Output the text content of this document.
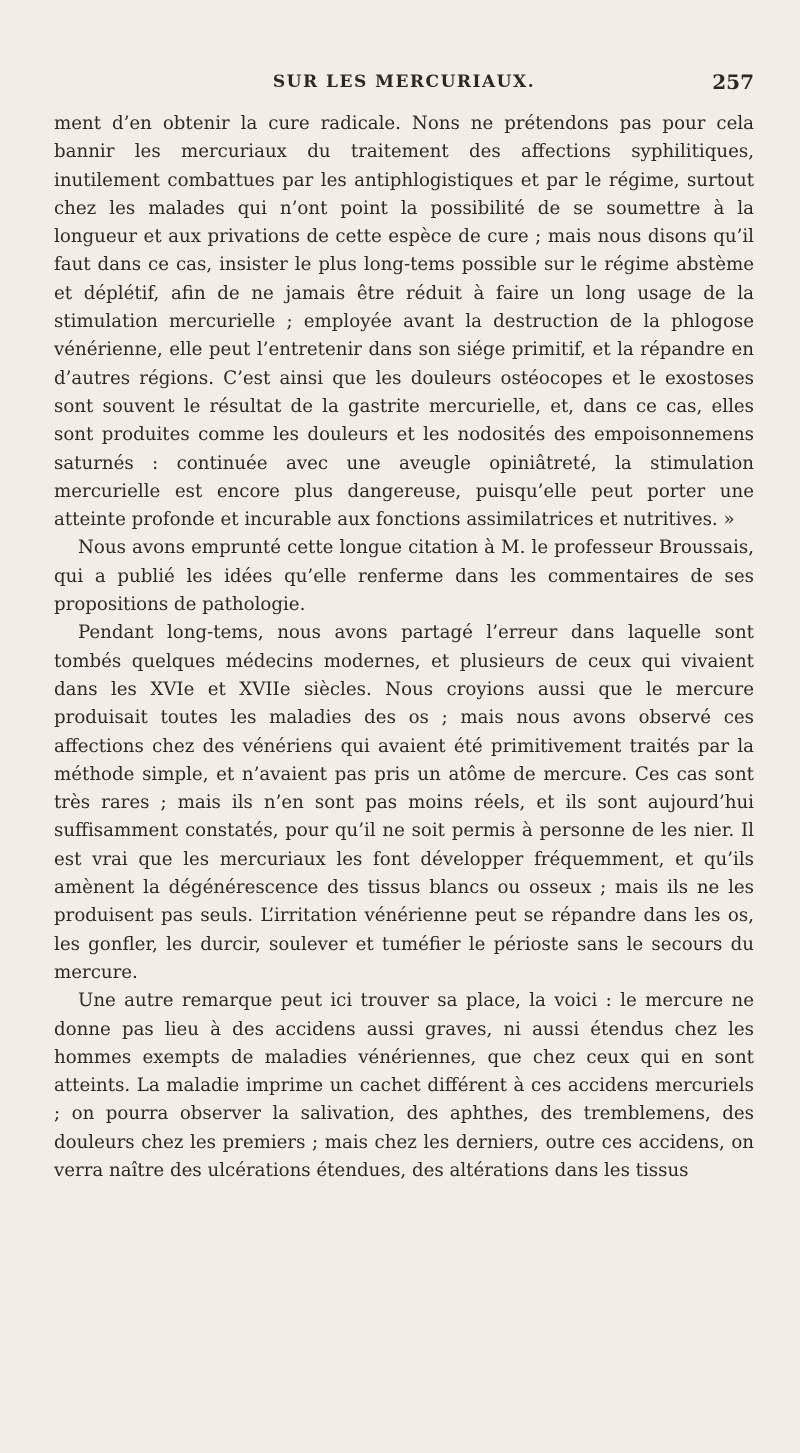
SUR LES MERCURIAUX.	257

ment d’en obtenir la cure radicale. Nons ne prétendons pas pour cela bannir les mercuriaux du traitement des affections syphilitiques, inutilement combattues par les antiphlogistiques et par le régime, surtout chez les malades qui n’ont point la possibilité de se soumettre à la longueur et aux privations de cette espèce de cure ; mais nous disons qu’il faut dans ce cas, insister le plus long-tems possible sur le régime abstème et déplétif, afin de ne jamais être réduit à faire un long usage de la stimulation mercurielle ; employée avant la destruction de la phlogose vénérienne, elle peut l’entretenir dans son siége primitif, et la répandre en d’autres régions. C’est ainsi que les douleurs ostéocopes et le exostoses sont souvent le résultat de la gastrite mercurielle, et, dans ce cas, elles sont produites comme les douleurs et les nodosités des empoisonnemens saturnés : continuée avec une aveugle opiniâtreté, la stimulation mercurielle est encore plus dangereuse, puisqu’elle peut porter une atteinte profonde et incurable aux fonctions assimilatrices et nutritives. »

Nous avons emprunté cette longue citation à M. le professeur Broussais, qui a publié les idées qu’elle renferme dans les commentaires de ses propositions de pathologie.

Pendant long-tems, nous avons partagé l’erreur dans laquelle sont tombés quelques médecins modernes, et plusieurs de ceux qui vivaient dans les XVIe et XVIIe siècles. Nous croyions aussi que le mercure produisait toutes les maladies des os ; mais nous avons observé ces affections chez des vénériens qui avaient été primitivement traités par la méthode simple, et n’avaient pas pris un atôme de mercure. Ces cas sont très rares ; mais ils n’en sont pas moins réels, et ils sont aujourd’hui suffisamment constatés, pour qu’il ne soit permis à personne de les nier. Il est vrai que les mercuriaux les font développer fréquemment, et qu’ils amènent la dégénérescence des tissus blancs ou osseux ; mais ils ne les produisent pas seuls. L’irritation vénérienne peut se répandre dans les os, les gonfler, les durcir, soulever et tuméfier le périoste sans le secours du mercure.

Une autre remarque peut ici trouver sa place, la voici : le mercure ne donne pas lieu à des accidens aussi graves, ni aussi étendus chez les hommes exempts de maladies vénériennes, que chez ceux qui en sont atteints. La maladie imprime un cachet différent à ces accidens mercuriels ; on pourra observer la salivation, des aphthes, des tremblemens, des douleurs chez les premiers ; mais chez les derniers, outre ces accidens, on verra naître des ulcérations étendues, des altérations dans les tissus
